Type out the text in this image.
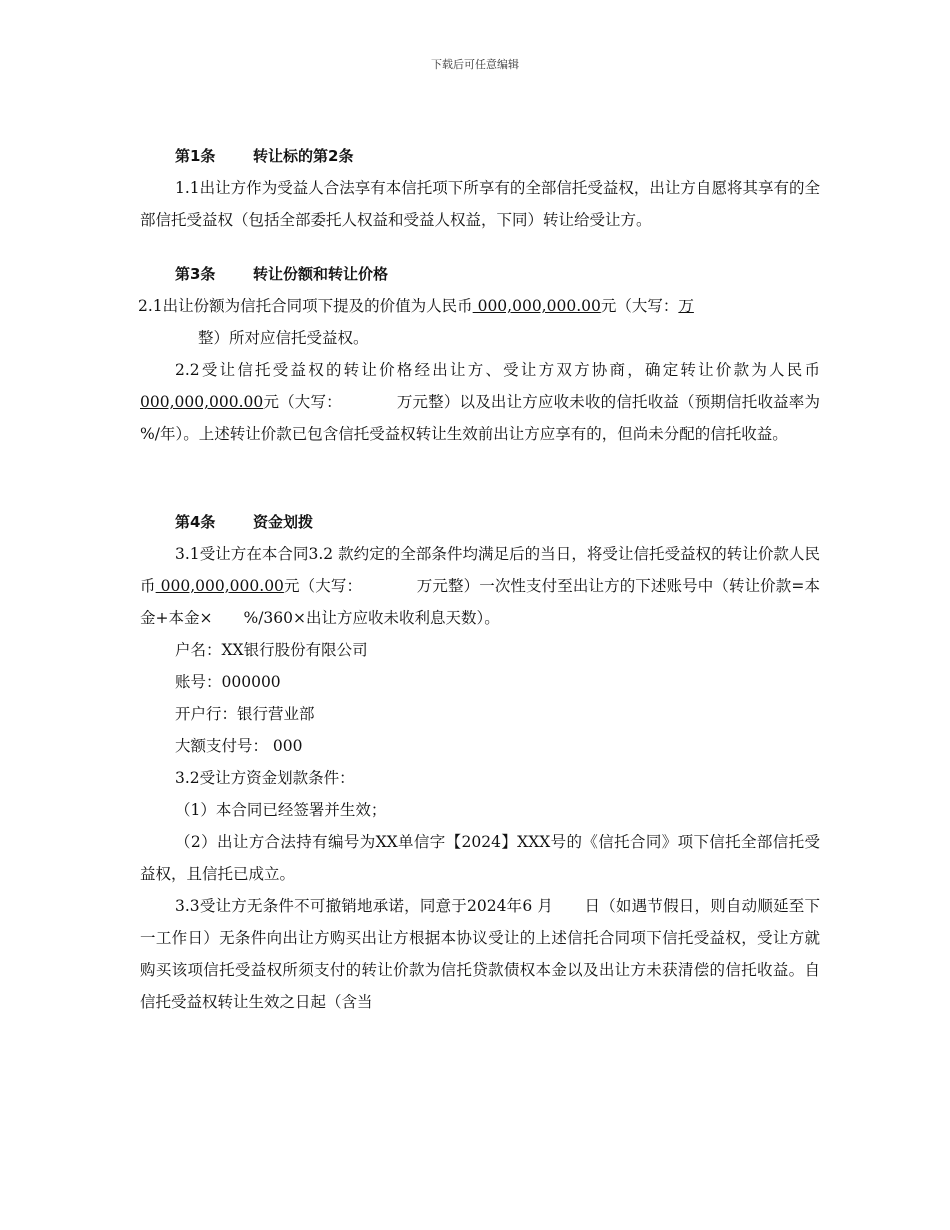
下载后可任意编辑
第1条	转让标的第2条
1.1出让方作为受益人合法享有本信托项下所享有的全部信托受益权，出让方自愿将其享有的全部信托受益权（包括全部委托人权益和受益人权益，下同）转让给受让方。
第3条	转让份额和转让价格
2.1出让份额为信托合同项下提及的价值为人民币 000,000,000.00元（大写：万
整）所对应信托受益权。
2.2受让信托受益权的转让价格经出让方、受让方双方协商，确定转让价款为人民币000,000,000.00元（大写：　　　　万元整）以及出让方应收未收的信托收益（预期信托收益率为　　%/年）。上述转让价款已包含信托受益权转让生效前出让方应享有的，但尚未分配的信托收益。
第4条	资金划拨
3.1受让方在本合同3.2 款约定的全部条件均满足后的当日，将受让信托受益权的转让价款人民币 000,000,000.00元（大写：　　　　万元整）一次性支付至出让方的下述账号中（转让价款=本金+本金×　　%/360×出让方应收未收利息天数）。
户名：XX银行股份有限公司
账号：000000
开户行：银行营业部
大额支付号： 000
3.2受让方资金划款条件：
（1）本合同已经签署并生效；
（2）出让方合法持有编号为XX单信字【2024】XXX号的《信托合同》项下信托全部信托受益权，且信托已成立。
3.3受让方无条件不可撤销地承诺，同意于2024年6 月　　日（如遇节假日，则自动顺延至下一工作日）无条件向出让方购买出让方根据本协议受让的上述信托合同项下信托受益权，受让方就购买该项信托受益权所须支付的转让价款为信托贷款债权本金以及出让方未获清偿的信托收益。自信托受益权转让生效之日起（含当
